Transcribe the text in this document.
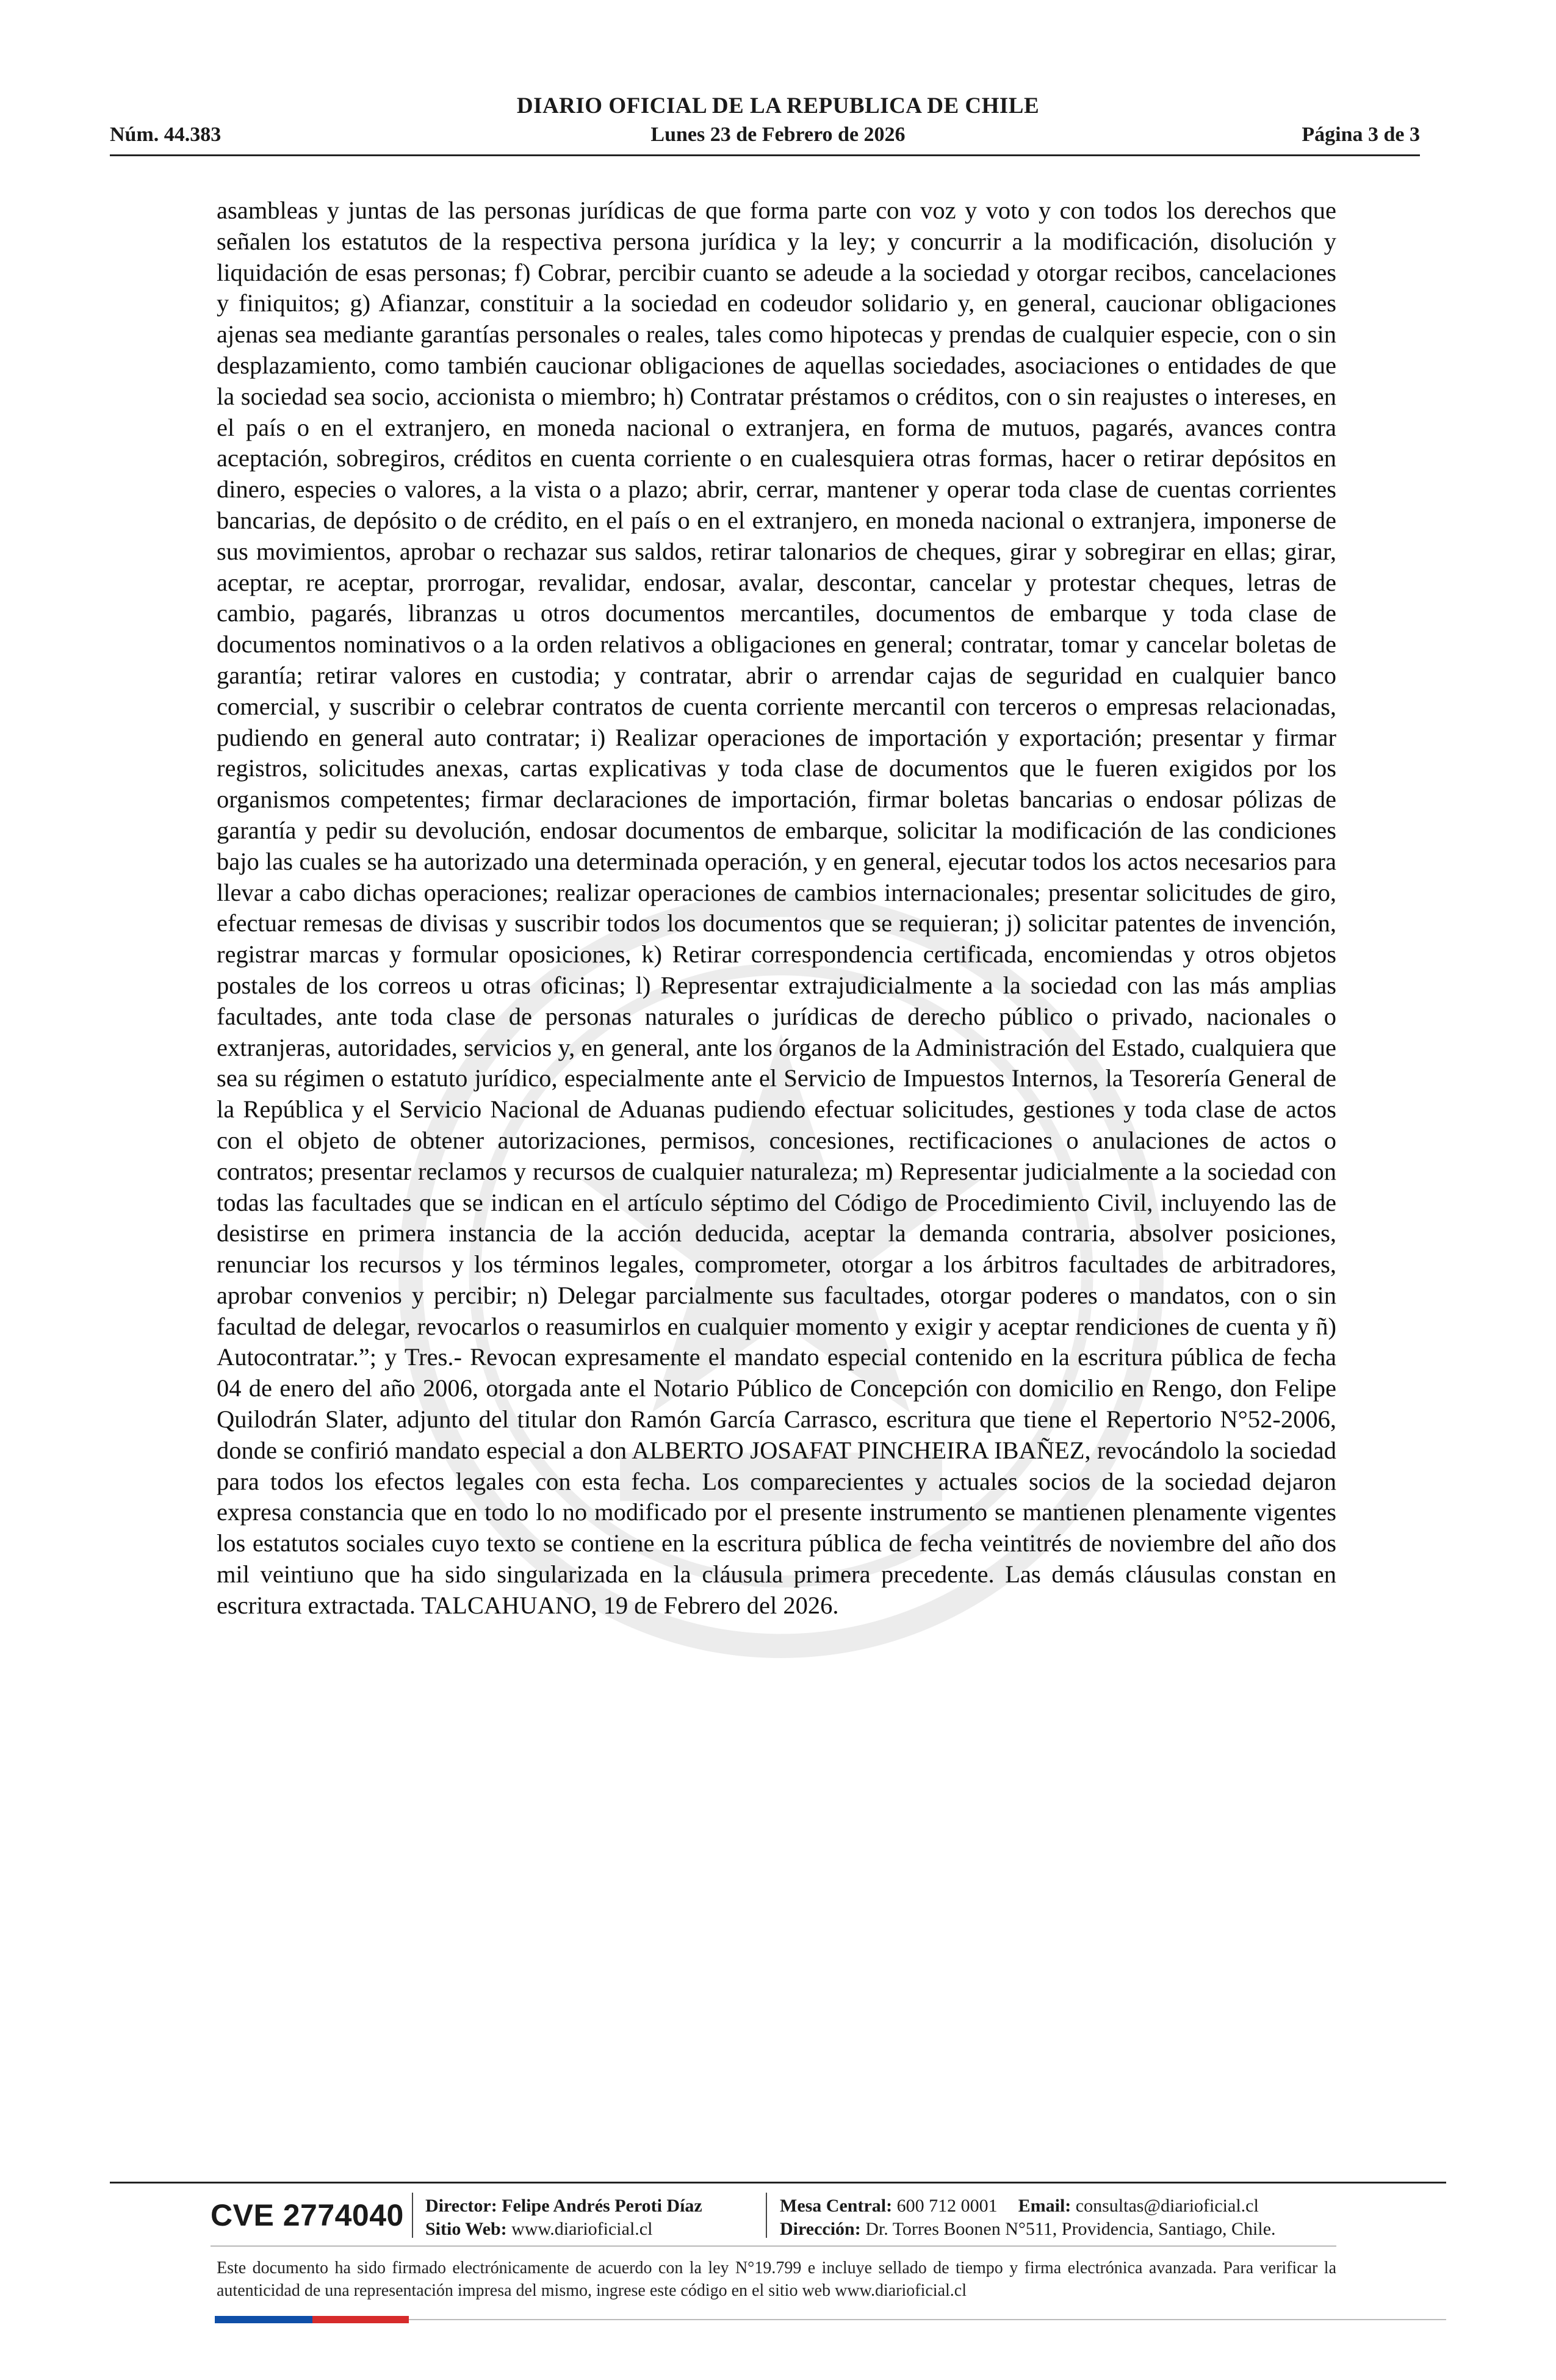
DIARIO OFICIAL DE LA REPUBLICA DE CHILE
Núm. 44.383	Lunes 23 de Febrero de 2026	Página 3 de 3

asambleas y juntas de las personas jurídicas de que forma parte con voz y voto y con todos los derechos que señalen los estatutos de la respectiva persona jurídica y la ley; y concurrir a la modificación, disolución y liquidación de esas personas; f) Cobrar, percibir cuanto se adeude a la sociedad y otorgar recibos, cancelaciones y finiquitos; g) Afianzar, constituir a la sociedad en codeudor solidario y, en general, caucionar obligaciones ajenas sea mediante garantías personales o reales, tales como hipotecas y prendas de cualquier especie, con o sin desplazamiento, como también caucionar obligaciones de aquellas sociedades, asociaciones o entidades de que la sociedad sea socio, accionista o miembro; h) Contratar préstamos o créditos, con o sin reajustes o intereses, en el país o en el extranjero, en moneda nacional o extranjera, en forma de mutuos, pagarés, avances contra aceptación, sobregiros, créditos en cuenta corriente o en cualesquiera otras formas, hacer o retirar depósitos en dinero, especies o valores, a la vista o a plazo; abrir, cerrar, mantener y operar toda clase de cuentas corrientes bancarias, de depósito o de crédito, en el país o en el extranjero, en moneda nacional o extranjera, imponerse de sus movimientos, aprobar o rechazar sus saldos, retirar talonarios de cheques, girar y sobregirar en ellas; girar, aceptar, re aceptar, prorrogar, revalidar, endosar, avalar, descontar, cancelar y protestar cheques, letras de cambio, pagarés, libranzas u otros documentos mercantiles, documentos de embarque y toda clase de documentos nominativos o a la orden relativos a obligaciones en general; contratar, tomar y cancelar boletas de garantía; retirar valores en custodia; y contratar, abrir o arrendar cajas de seguridad en cualquier banco comercial, y suscribir o celebrar contratos de cuenta corriente mercantil con terceros o empresas relacionadas, pudiendo en general auto contratar; i) Realizar operaciones de importación y exportación; presentar y firmar registros, solicitudes anexas, cartas explicativas y toda clase de documentos que le fueren exigidos por los organismos competentes; firmar declaraciones de importación, firmar boletas bancarias o endosar pólizas de garantía y pedir su devolución, endosar documentos de embarque, solicitar la modificación de las condiciones bajo las cuales se ha autorizado una determinada operación, y en general, ejecutar todos los actos necesarios para llevar a cabo dichas operaciones; realizar operaciones de cambios internacionales; presentar solicitudes de giro, efectuar remesas de divisas y suscribir todos los documentos que se requieran; j) solicitar patentes de invención, registrar marcas y formular oposiciones, k) Retirar correspondencia certificada, encomiendas y otros objetos postales de los correos u otras oficinas; l) Representar extrajudicialmente a la sociedad con las más amplias facultades, ante toda clase de personas naturales o jurídicas de derecho público o privado, nacionales o extranjeras, autoridades, servicios y, en general, ante los órganos de la Administración del Estado, cualquiera que sea su régimen o estatuto jurídico, especialmente ante el Servicio de Impuestos Internos, la Tesorería General de la República y el Servicio Nacional de Aduanas pudiendo efectuar solicitudes, gestiones y toda clase de actos con el objeto de obtener autorizaciones, permisos, concesiones, rectificaciones o anulaciones de actos o contratos; presentar reclamos y recursos de cualquier naturaleza; m) Representar judicialmente a la sociedad con todas las facultades que se indican en el artículo séptimo del Código de Procedimiento Civil, incluyendo las de desistirse en primera instancia de la acción deducida, aceptar la demanda contraria, absolver posiciones, renunciar los recursos y los términos legales, comprometer, otorgar a los árbitros facultades de arbitradores, aprobar convenios y percibir; n) Delegar parcialmente sus facultades, otorgar poderes o mandatos, con o sin facultad de delegar, revocarlos o reasumirlos en cualquier momento y exigir y aceptar rendiciones de cuenta y ñ) Autocontratar.”; y Tres.- Revocan expresamente el mandato especial contenido en la escritura pública de fecha 04 de enero del año 2006, otorgada ante el Notario Público de Concepción con domicilio en Rengo, don Felipe Quilodrán Slater, adjunto del titular don Ramón García Carrasco, escritura que tiene el Repertorio N°52-2006, donde se confirió mandato especial a don ALBERTO JOSAFAT PINCHEIRA IBAÑEZ, revocándolo la sociedad para todos los efectos legales con esta fecha. Los comparecientes y actuales socios de la sociedad dejaron expresa constancia que en todo lo no modificado por el presente instrumento se mantienen plenamente vigentes los estatutos sociales cuyo texto se contiene en la escritura pública de fecha veintitrés de noviembre del año dos mil veintiuno que ha sido singularizada en la cláusula primera precedente. Las demás cláusulas constan en escritura extractada. TALCAHUANO, 19 de Febrero del 2026.

CVE 2774040 Director: Felipe Andrés Peroti Díaz
Sitio Web: www.diarioficial.cl
Mesa Central: 600 712 0001 Email: consultas@diarioficial.cl
Dirección: Dr. Torres Boonen N°511, Providencia, Santiago, Chile.

Este documento ha sido firmado electrónicamente de acuerdo con la ley N°19.799 e incluye sellado de tiempo y firma electrónica avanzada. Para verificar la autenticidad de una representación impresa del mismo, ingrese este código en el sitio web www.diarioficial.cl
